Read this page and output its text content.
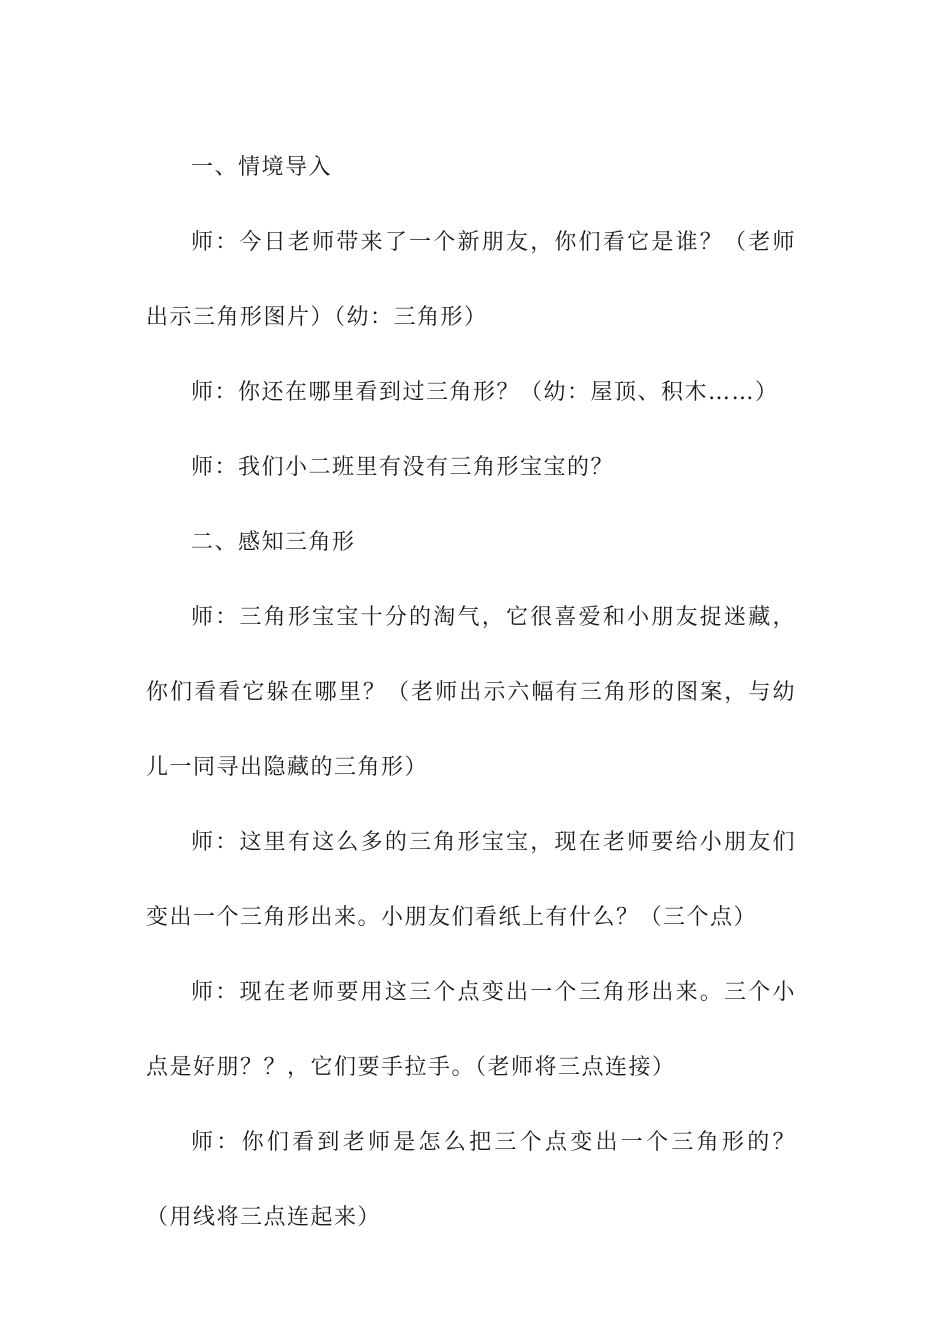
一、情境导入

师：今日老师带来了一个新朋友，你们看它是谁？（老师出示三角形图片）（幼：三角形）

师：你还在哪里看到过三角形？（幼：屋顶、积木……）

师：我们小二班里有没有三角形宝宝的？

二、感知三角形

师：三角形宝宝十分的淘气，它很喜爱和小朋友捉迷藏，你们看看它躲在哪里？（老师出示六幅有三角形的图案，与幼儿一同寻出隐藏的三角形）

师：这里有这么多的三角形宝宝，现在老师要给小朋友们变出一个三角形出来。小朋友们看纸上有什么？（三个点）

师：现在老师要用这三个点变出一个三角形出来。三个小点是好朋？？，它们要手拉手。（老师将三点连接）

师：你们看到老师是怎么把三个点变出一个三角形的？（用线将三点连起来）
